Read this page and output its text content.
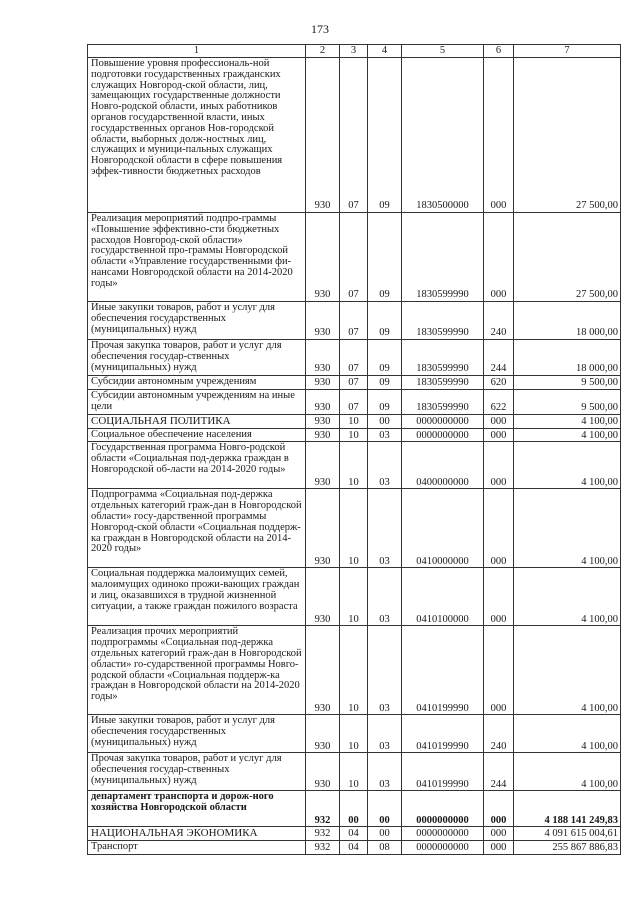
173
1	2	3	4	5	6	7
Повышение уровня профессиональ-ной подготовки государственных гражданских служащих Новгород-ской области, лиц, замещающих государственные должности Новго-родской области, иных работников органов государственной власти, иных государственных органов Нов-городской области, выборных долж-ностных лиц, служащих и муници-пальных служащих Новгородской области в сфере повышения эффек-тивности бюджетных расходов	930	07	09	1830500000	000	27 500,00
Реализация мероприятий подпро-граммы «Повышение эффективно-сти бюджетных расходов Новгород-ской области» государственной про-граммы Новгородской области «Управление государственными фи-нансами Новгородской области на 2014-2020 годы»	930	07	09	1830599990	000	27 500,00
Иные закупки товаров, работ и услуг для обеспечения государственных (муниципальных) нужд	930	07	09	1830599990	240	18 000,00
Прочая закупка товаров, работ и услуг для обеспечения государ-ственных (муниципальных) нужд	930	07	09	1830599990	244	18 000,00
Субсидии автономным учреждениям	930	07	09	1830599990	620	9 500,00
Субсидии автономным учреждениям на иные цели	930	07	09	1830599990	622	9 500,00
СОЦИАЛЬНАЯ ПОЛИТИКА	930	10	00	0000000000	000	4 100,00
Социальное обеспечение населения	930	10	03	0000000000	000	4 100,00
Государственная программа Новго-родской области «Социальная под-держка граждан в Новгородской об-ласти на 2014-2020 годы»	930	10	03	0400000000	000	4 100,00
Подпрограмма «Социальная под-держка отдельных категорий граж-дан в Новгородской области» госу-дарственной программы Новгород-ской области «Социальная поддерж-ка граждан в Новгородской области на 2014-2020 годы»	930	10	03	0410000000	000	4 100,00
Социальная поддержка малоимущих семей, малоимущих одиноко прожи-вающих граждан и лиц, оказавшихся в трудной жизненной ситуации, а также граждан пожилого возраста	930	10	03	0410100000	000	4 100,00
Реализация прочих мероприятий подпрограммы «Социальная под-держка отдельных категорий граж-дан в Новгородской области» го-сударственной программы Новго-родской области «Социальная поддерж-ка граждан в Новгородской области на 2014-2020 годы»	930	10	03	0410199990	000	4 100,00
Иные закупки товаров, работ и услуг для обеспечения государственных (муниципальных) нужд	930	10	03	0410199990	240	4 100,00
Прочая закупка товаров, работ и услуг для обеспечения государ-ственных (муниципальных) нужд	930	10	03	0410199990	244	4 100,00
департамент транспорта и дорож-ного хозяйства Новгородской области	932	00	00	0000000000	000	4 188 141 249,83
НАЦИОНАЛЬНАЯ ЭКОНОМИКА	932	04	00	0000000000	000	4 091 615 004,61
Транспорт	932	04	08	0000000000	000	255 867 886,83
